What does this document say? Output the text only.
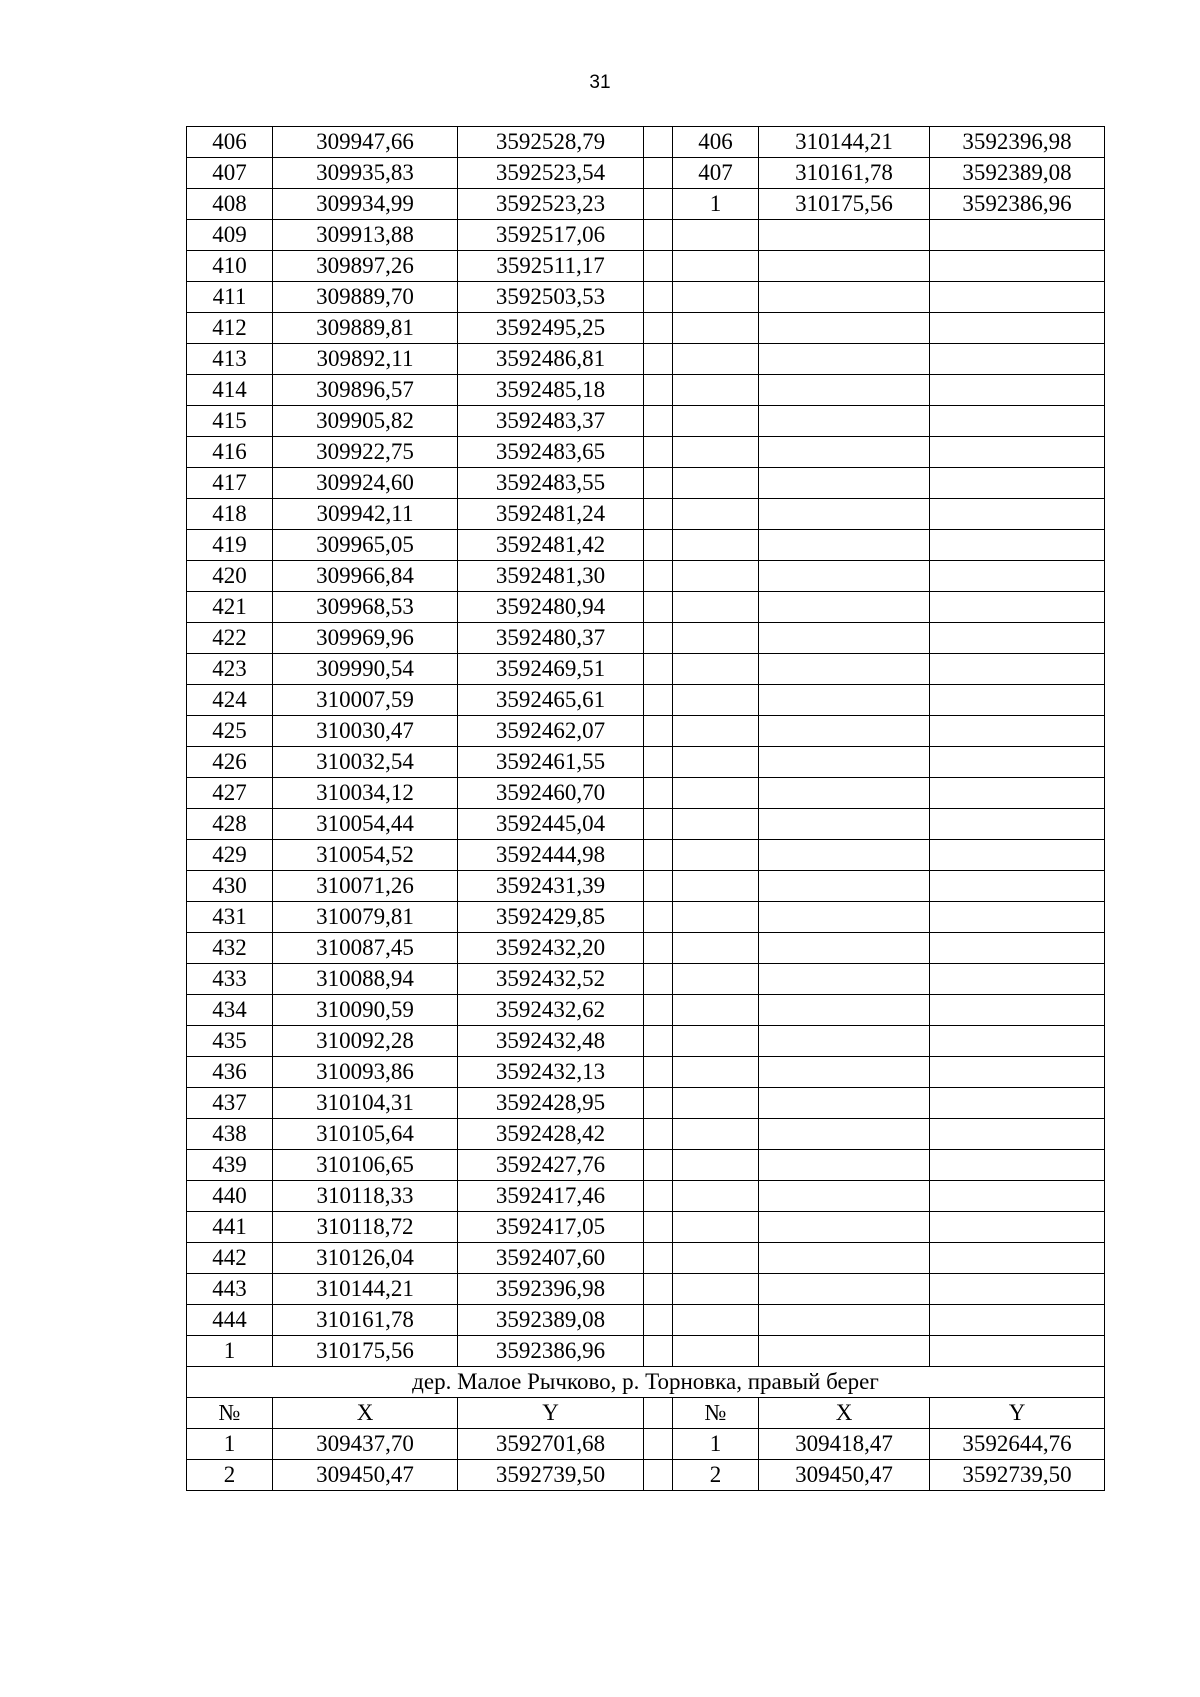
31
406	309947,66	3592528,79		406	310144,21	3592396,98
407	309935,83	3592523,54		407	310161,78	3592389,08
408	309934,99	3592523,23		1	310175,56	3592386,96
409	309913,88	3592517,06				
410	309897,26	3592511,17				
411	309889,70	3592503,53				
412	309889,81	3592495,25				
413	309892,11	3592486,81				
414	309896,57	3592485,18				
415	309905,82	3592483,37				
416	309922,75	3592483,65				
417	309924,60	3592483,55				
418	309942,11	3592481,24				
419	309965,05	3592481,42				
420	309966,84	3592481,30				
421	309968,53	3592480,94				
422	309969,96	3592480,37				
423	309990,54	3592469,51				
424	310007,59	3592465,61				
425	310030,47	3592462,07				
426	310032,54	3592461,55				
427	310034,12	3592460,70				
428	310054,44	3592445,04				
429	310054,52	3592444,98				
430	310071,26	3592431,39				
431	310079,81	3592429,85				
432	310087,45	3592432,20				
433	310088,94	3592432,52				
434	310090,59	3592432,62				
435	310092,28	3592432,48				
436	310093,86	3592432,13				
437	310104,31	3592428,95				
438	310105,64	3592428,42				
439	310106,65	3592427,76				
440	310118,33	3592417,46				
441	310118,72	3592417,05				
442	310126,04	3592407,60				
443	310144,21	3592396,98				
444	310161,78	3592389,08				
1	310175,56	3592386,96				
дер. Малое Рычково, р. Торновка, правый берег						
№	X	Y		№	X	Y
1	309437,70	3592701,68		1	309418,47	3592644,76
2	309450,47	3592739,50		2	309450,47	3592739,50
